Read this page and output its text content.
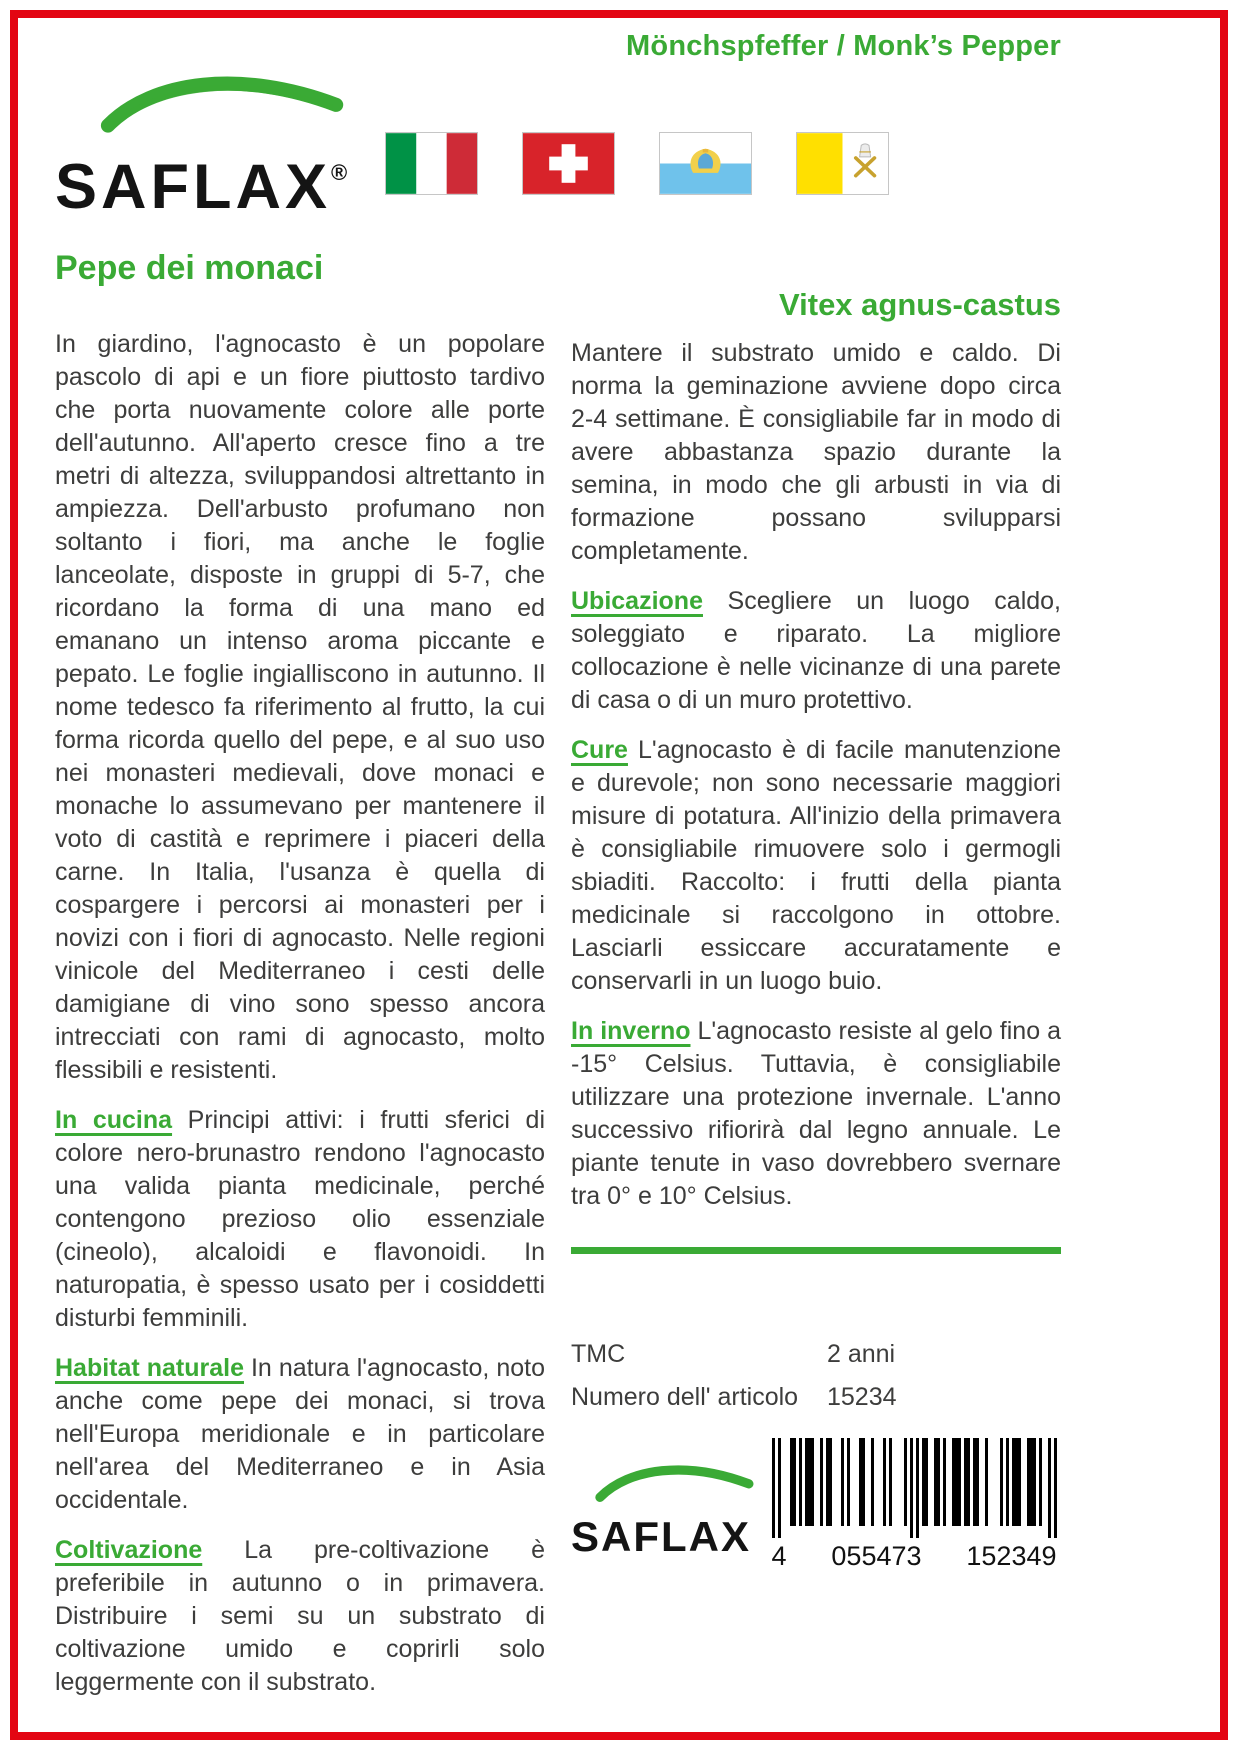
Mönchspfeffer / Monk’s Pepper
SAFLAX®
Pepe dei monaci

In giardino, l'agnocasto è un popolare pascolo di api e un fiore piuttosto tardivo che porta nuovamente colore alle porte dell'autunno. All'aperto cresce fino a tre metri di altezza, sviluppandosi altrettanto in ampiezza. Dell'arbusto profumano non soltanto i fiori, ma anche le foglie lanceolate, disposte in gruppi di 5-7, che ricordano la forma di una mano ed emanano un intenso aroma piccante e pepato. Le foglie ingialliscono in autunno. Il nome tedesco fa riferimento al frutto, la cui forma ricorda quello del pepe, e al suo uso nei monasteri medievali, dove monaci e monache lo assumevano per mantenere il voto di castità e reprimere i piaceri della carne. In Italia, l'usanza è quella di cospargere i percorsi ai monasteri per i novizi con i fiori di agnocasto. Nelle regioni vinicole del Mediterraneo i cesti delle damigiane di vino sono spesso ancora intrecciati con rami di agnocasto, molto flessibili e resistenti.

In cucina Principi attivi: i frutti sferici di colore nero-brunastro rendono l'agnocasto una valida pianta medicinale, perché contengono prezioso olio essenziale (cineolo), alcaloidi e flavonoidi. In naturopatia, è spesso usato per i cosiddetti disturbi femminili.

Habitat naturale In natura l'agnocasto, noto anche come pepe dei monaci, si trova nell'Europa meridionale e in particolare nell'area del Mediterraneo e in Asia occidentale.

Coltivazione La pre-coltivazione è preferibile in autunno o in primavera. Distribuire i semi su un substrato di coltivazione umido e coprirli solo leggermente con il substrato.

Vitex agnus-castus

Mantere il substrato umido e caldo. Di norma la geminazione avviene dopo circa 2-4 settimane. È consigliabile far in modo di avere abbastanza spazio durante la semina, in modo che gli arbusti in via di formazione possano svilupparsi completamente.

Ubicazione Scegliere un luogo caldo, soleggiato e riparato. La migliore collocazione è nelle vicinanze di una parete di casa o di un muro protettivo.

Cure L'agnocasto è di facile manutenzione e durevole; non sono necessarie maggiori misure di potatura. All'inizio della primavera è consigliabile rimuovere solo i germogli sbiaditi. Raccolto: i frutti della pianta medicinale si raccolgono in ottobre. Lasciarli essiccare accuratamente e conservarli in un luogo buio.

In inverno L'agnocasto resiste al gelo fino a -15° Celsius. Tuttavia, è consigliabile utilizzare una protezione invernale. L'anno successivo rifiorirà dal legno annuale. Le piante tenute in vaso dovrebbero svernare tra 0° e 10° Celsius.

TMC	2 anni
Numero dell' articolo	15234
SAFLAX 4 055473 152349
